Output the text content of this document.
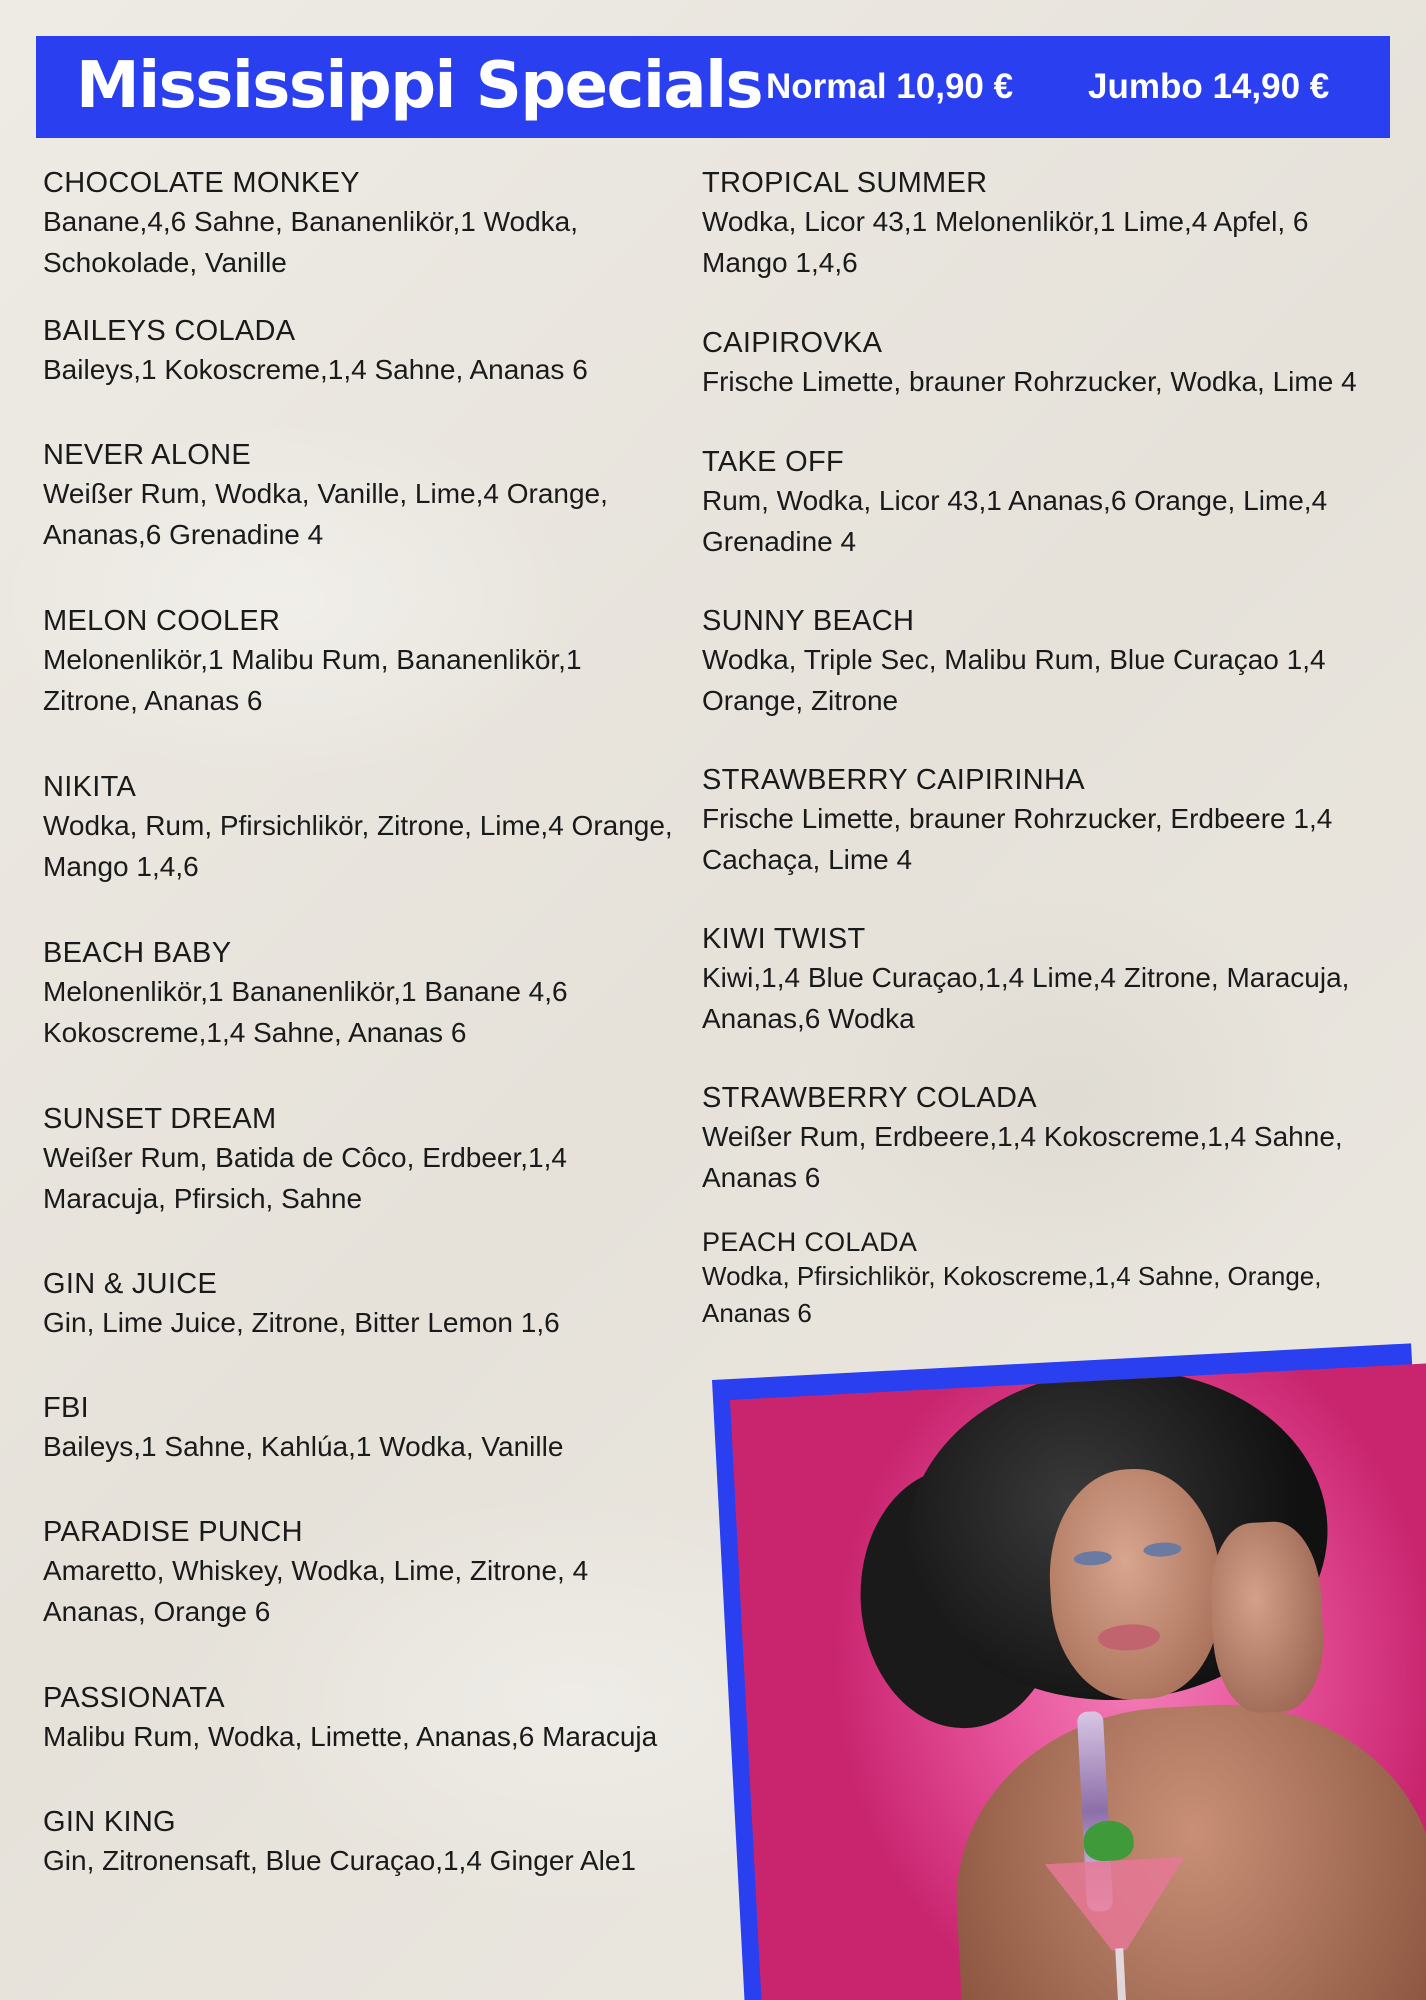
Mississippi Specials Normal 10,90 € Jumbo 14,90 €
CHOCOLATE MONKEY
Banane,4,6 Sahne, Bananenlikör,1 Wodka, Schokolade, Vanille
BAILEYS COLADA
Baileys,1 Kokoscreme,1,4 Sahne, Ananas 6
NEVER ALONE
Weißer Rum, Wodka, Vanille, Lime,4 Orange, Ananas,6 Grenadine 4
MELON COOLER
Melonenlikör,1 Malibu Rum, Bananenlikör,1 Zitrone, Ananas 6
NIKITA
Wodka, Rum, Pfirsichlikör, Zitrone, Lime,4 Orange, Mango 1,4,6
BEACH BABY
Melonenlikör,1 Bananenlikör,1 Banane 4,6 Kokoscreme,1,4 Sahne, Ananas 6
SUNSET DREAM
Weißer Rum, Batida de Côco, Erdbeer,1,4 Maracuja, Pfirsich, Sahne
GIN & JUICE
Gin, Lime Juice, Zitrone, Bitter Lemon 1,6
FBI
Baileys,1 Sahne, Kahlúa,1 Wodka, Vanille
PARADISE PUNCH
Amaretto, Whiskey, Wodka, Lime, Zitrone, 4 Ananas, Orange 6
PASSIONATA
Malibu Rum, Wodka, Limette, Ananas,6 Maracuja
GIN KING
Gin, Zitronensaft, Blue Curaçao,1,4 Ginger Ale1
TROPICAL SUMMER
Wodka, Licor 43,1 Melonenlikör,1 Lime,4 Apfel, 6 Mango 1,4,6
CAIPIROVKA
Frische Limette, brauner Rohrzucker, Wodka, Lime 4
TAKE OFF
Rum, Wodka, Licor 43,1 Ananas,6 Orange, Lime,4 Grenadine 4
SUNNY BEACH
Wodka, Triple Sec, Malibu Rum, Blue Curaçao 1,4 Orange, Zitrone
STRAWBERRY CAIPIRINHA
Frische Limette, brauner Rohrzucker, Erdbeere 1,4 Cachaça, Lime 4
KIWI TWIST
Kiwi,1,4 Blue Curaçao,1,4 Lime,4 Zitrone, Maracuja, Ananas,6 Wodka
STRAWBERRY COLADA
Weißer Rum, Erdbeere,1,4 Kokoscreme,1,4 Sahne, Ananas 6
PEACH COLADA
Wodka, Pfirsichlikör, Kokoscreme,1,4 Sahne, Orange, Ananas 6
